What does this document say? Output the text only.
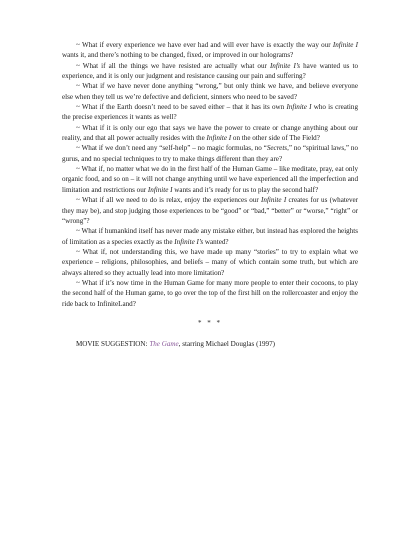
~ What if every experience we have ever had and will ever have is exactly the way our Infinite I wants it, and there’s nothing to be changed, fixed, or improved in our holograms?

~ What if all the things we have resisted are actually what our Infinite I’s have wanted us to experience, and it is only our judgment and resistance causing our pain and suffering?

~ What if we have never done anything “wrong,” but only think we have, and believe everyone else when they tell us we’re defective and deficient, sinners who need to be saved?

~ What if the Earth doesn’t need to be saved either – that it has its own Infinite I who is creating the precise experiences it wants as well?

~ What if it is only our ego that says we have the power to create or change anything about our reality, and that all power actually resides with the Infinite I on the other side of The Field?

~ What if we don’t need any “self-help” – no magic formulas, no “Secrets,” no “spiritual laws,” no gurus, and no special techniques to try to make things different than they are?

~ What if, no matter what we do in the first half of the Human Game – like meditate, pray, eat only organic food, and so on – it will not change anything until we have experienced all the imperfection and limitation and restrictions our Infinite I wants and it’s ready for us to play the second half?

~ What if all we need to do is relax, enjoy the experiences our Infinite I creates for us (whatever they may be), and stop judging those experiences to be “good” or “bad,” “better” or “worse,” “right” or “wrong”?

~ What if humankind itself has never made any mistake either, but instead has explored the heights of limitation as a species exactly as the Infinite I’s wanted?

~ What if, not understanding this, we have made up many “stories” to try to explain what we experience – religions, philosophies, and beliefs – many of which contain some truth, but which are always altered so they actually lead into more limitation?

~ What if it’s now time in the Human Game for many more people to enter their cocoons, to play the second half of the Human game, to go over the top of the first hill on the rollercoaster and enjoy the ride back to InfiniteLand?

* * *

MOVIE SUGGESTION: The Game, starring Michael Douglas (1997)
